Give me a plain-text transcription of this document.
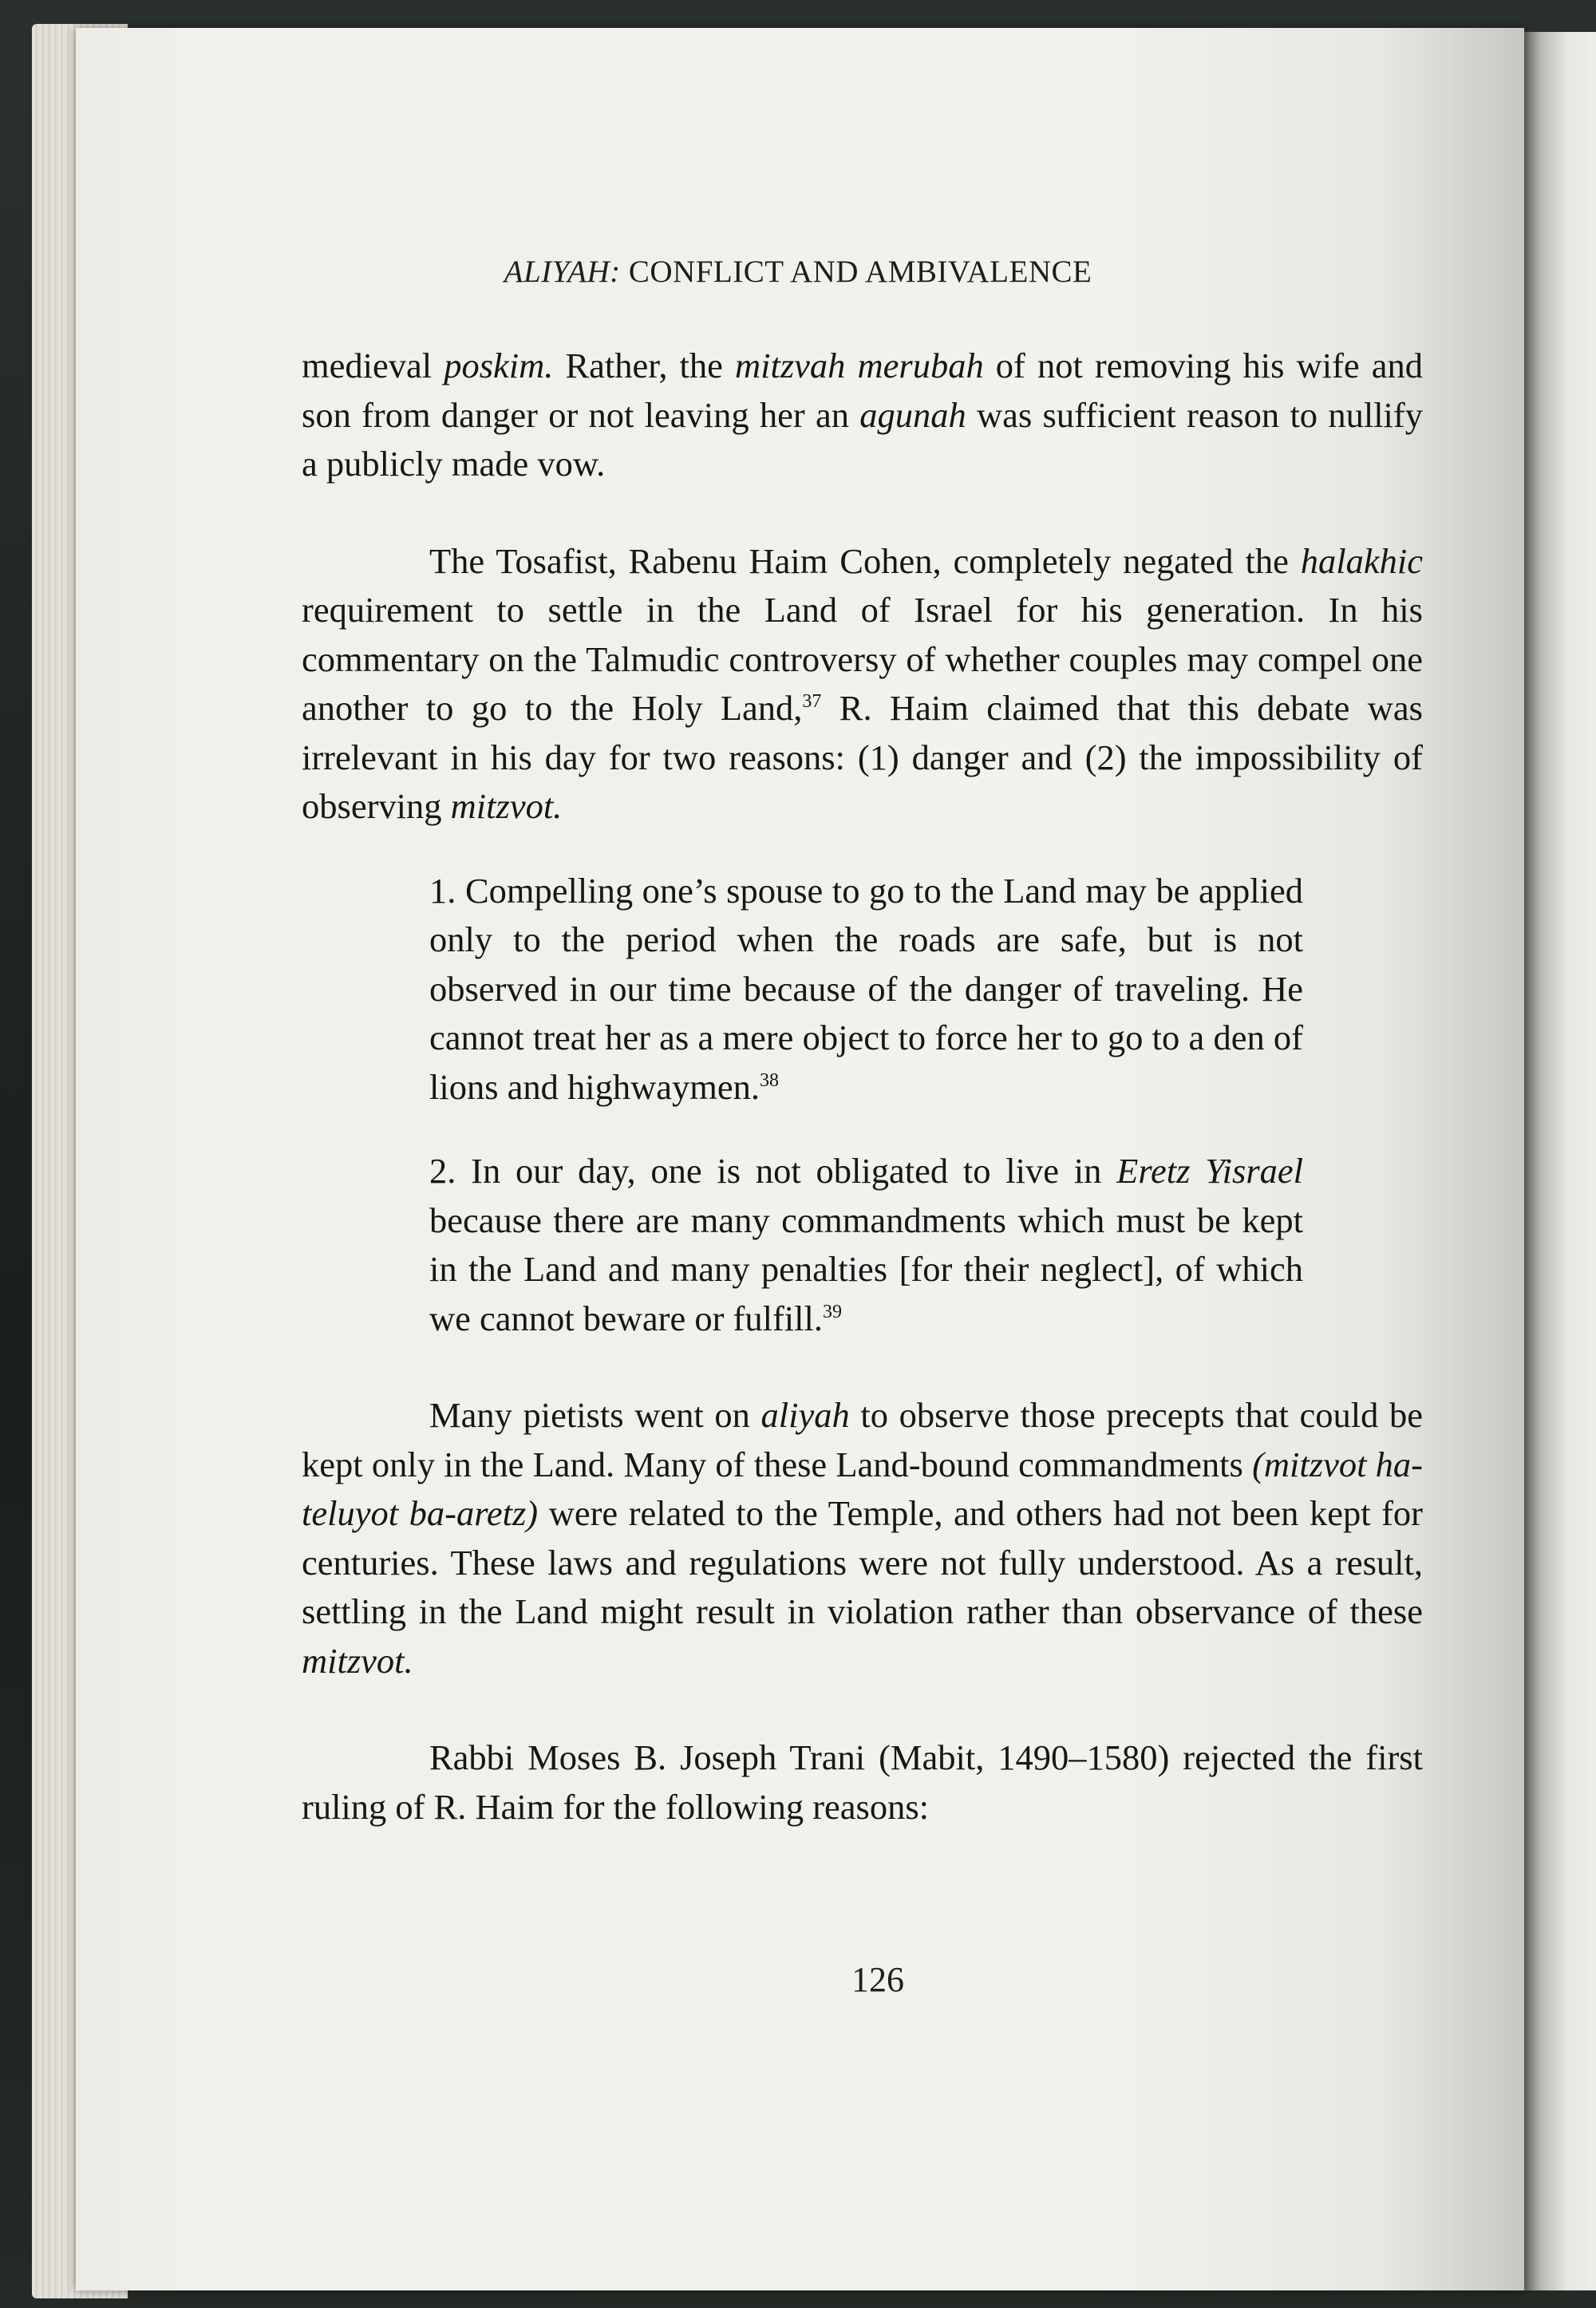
ALIYAH: CONFLICT AND AMBIVALENCE

medieval poskim. Rather, the mitzvah merubah of not removing his wife and son from danger or not leaving her an agunah was sufficient reason to nullify a publicly made vow.

The Tosafist, Rabenu Haim Cohen, completely negated the halakhic requirement to settle in the Land of Israel for his generation. In his commentary on the Talmudic controversy of whether couples may compel one another to go to the Holy Land,$^{37}$ R. Haim claimed that this debate was irrelevant in his day for two reasons: (1) danger and (2) the impossibility of observing mitzvot.

1. Compelling one’s spouse to go to the Land may be applied only to the period when the roads are safe, but is not observed in our time because of the danger of traveling. He cannot treat her as a mere object to force her to go to a den of lions and highwaymen.$^{38}$

2. In our day, one is not obligated to live in Eretz Yisrael because there are many commandments which must be kept in the Land and many penalties [for their neglect], of which we cannot beware or fulfill.$^{39}$

Many pietists went on aliyah to observe those precepts that could be kept only in the Land. Many of these Land-bound commandments (mitzvot ha-teluyot ba-aretz) were related to the Temple, and others had not been kept for centuries. These laws and regulations were not fully understood. As a result, settling in the Land might result in violation rather than observance of these mitzvot.

Rabbi Moses B. Joseph Trani (Mabit, 1490–1580) rejected the first ruling of R. Haim for the following reasons:

126
